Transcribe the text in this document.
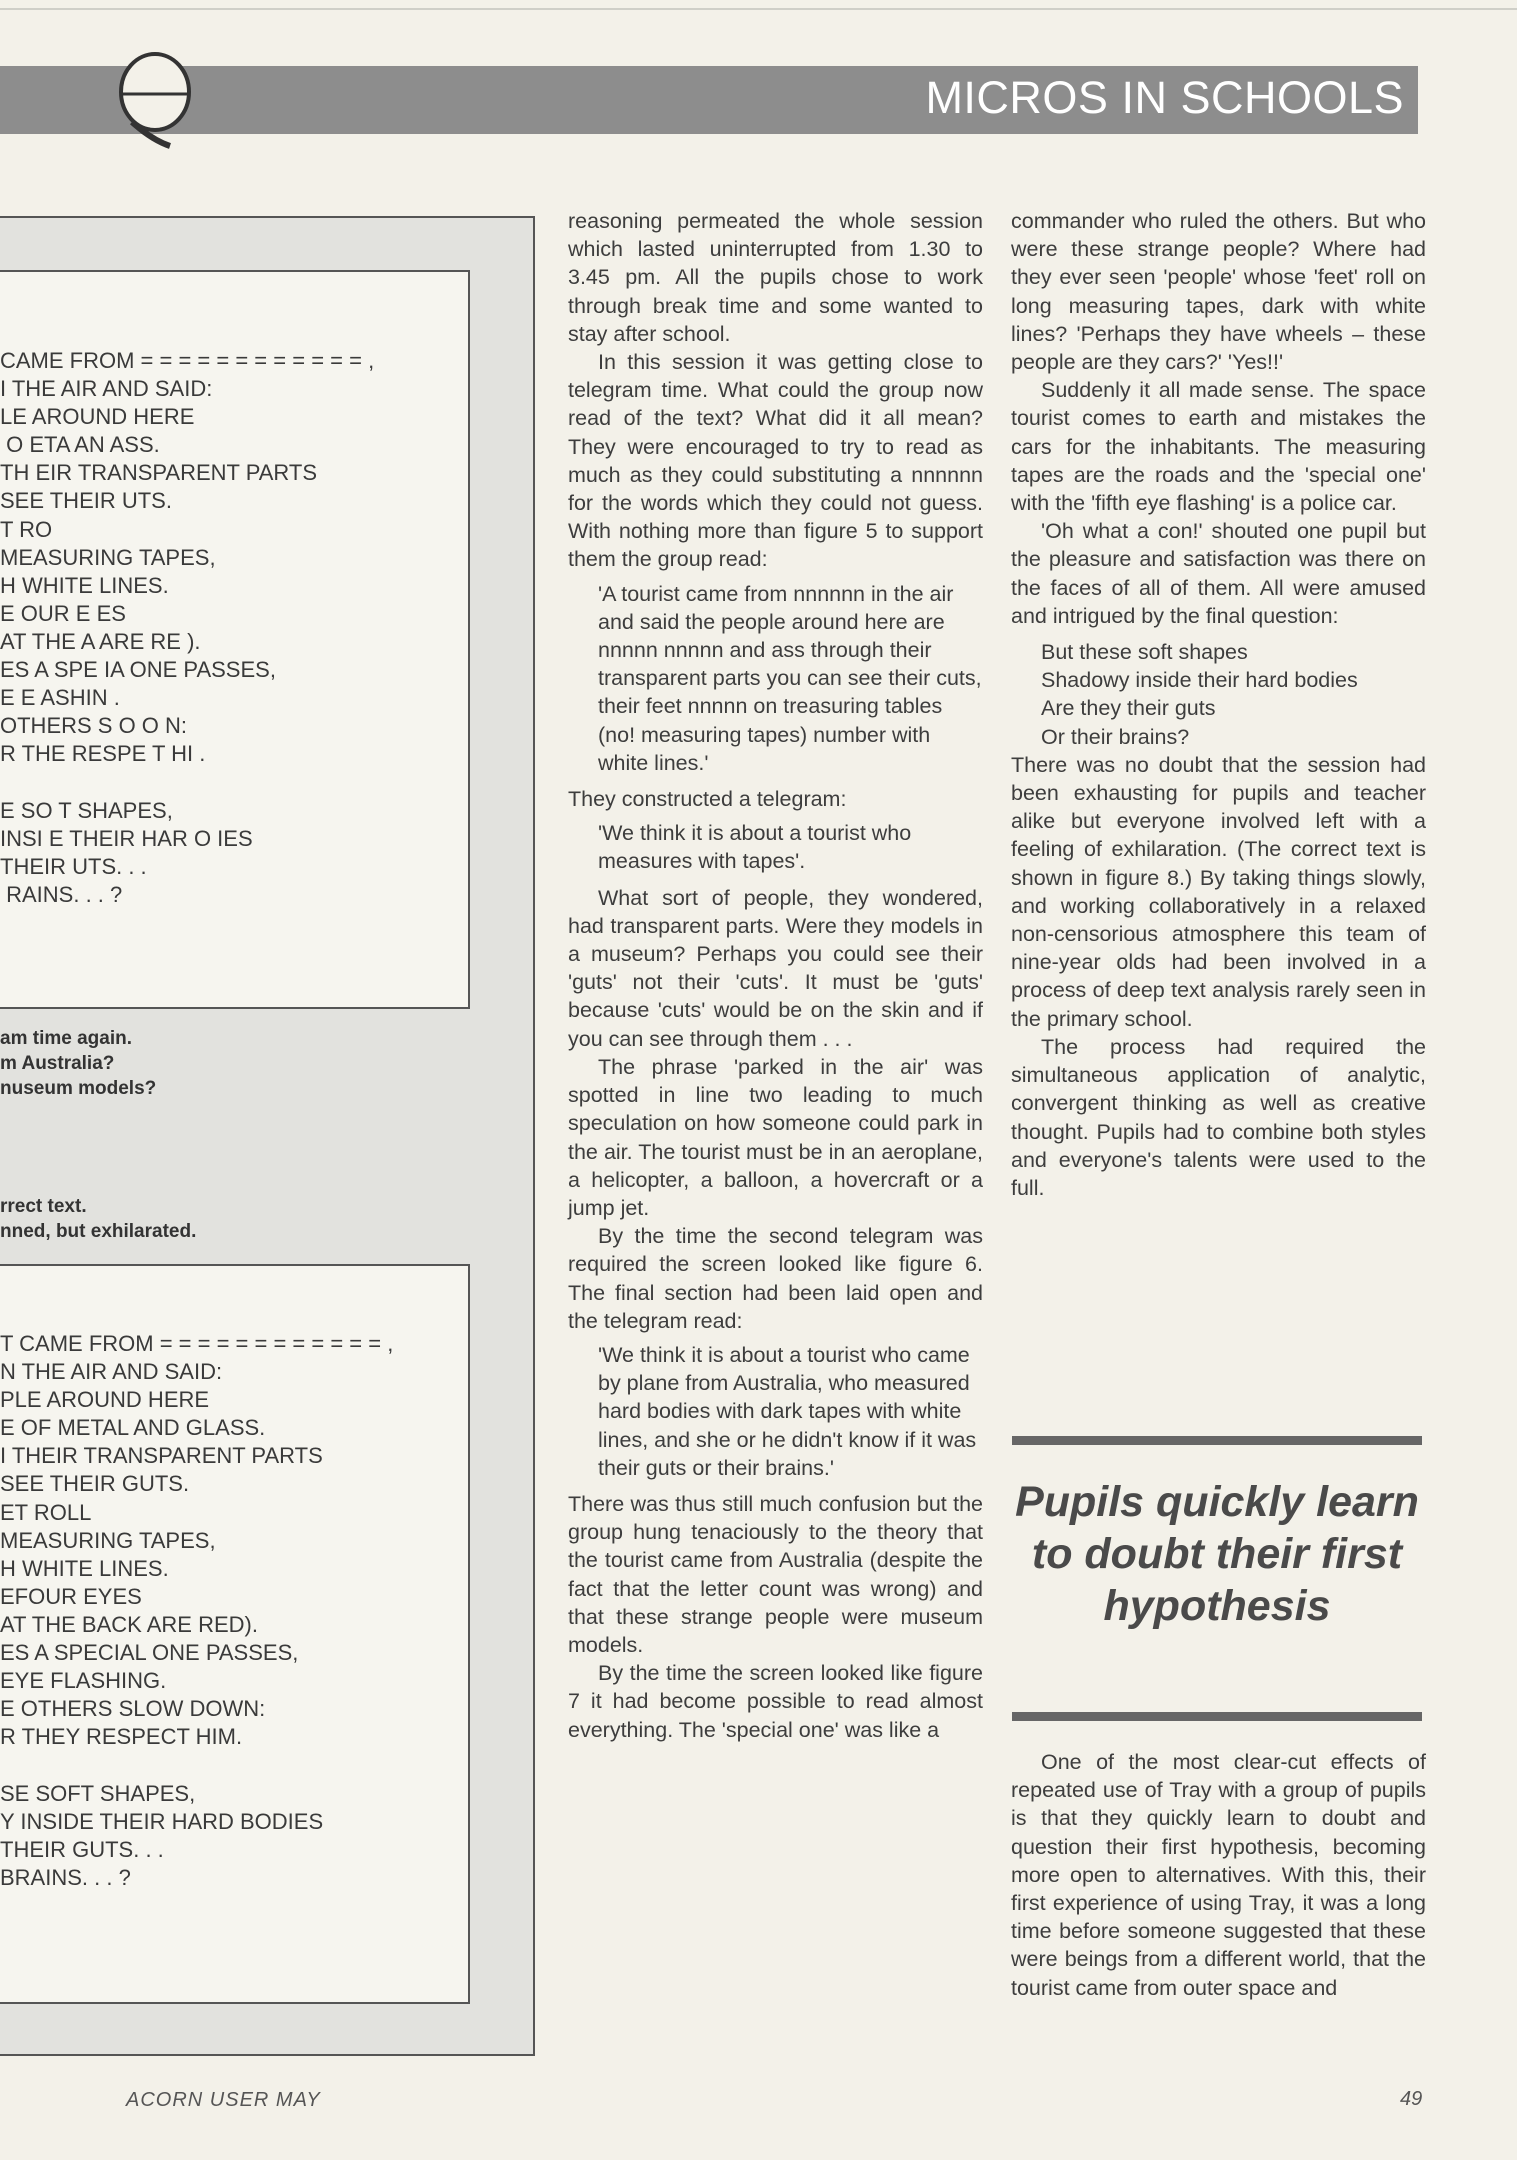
MICROS IN SCHOOLS
CAME FROM = = = = = = = = = = = = ,
I THE AIR AND SAID:
LE AROUND HERE
O ETA AN ASS.
TH EIR TRANSPARENT PARTS
SEE THEIR UTS.
T RO
MEASURING TAPES,
H WHITE LINES.
E OUR E ES
AT THE A ARE RE ).
ES A SPE IA ONE PASSES,
E E ASHIN .
OTHERS S O O N:
R THE RESPE T HI .
E SO T SHAPES,
INSI E THEIR HAR O IES
THEIR UTS. . .
RAINS. . . ?
am time again.
m Australia?
nuseum models?
rrect text.
nned, but exhilarated.
T CAME FROM = = = = = = = = = = = = ,
N THE AIR AND SAID:
PLE AROUND HERE
E OF METAL AND GLASS.
I THEIR TRANSPARENT PARTS
SEE THEIR GUTS.
ET ROLL
MEASURING TAPES,
H WHITE LINES.
EFOUR EYES
AT THE BACK ARE RED).
ES A SPECIAL ONE PASSES,
EYE FLASHING.
E OTHERS SLOW DOWN:
R THEY RESPECT HIM.
SE SOFT SHAPES,
Y INSIDE THEIR HARD BODIES
THEIR GUTS. . .
BRAINS. . . ?

reasoning permeated the whole session which lasted uninterrupted from 1.30 to 3.45 pm. All the pupils chose to work through break time and some wanted to stay after school.

In this session it was getting close to telegram time. What could the group now read of the text? What did it all mean? They were encouraged to try to read as much as they could substituting a nnnnnn for the words which they could not guess. With nothing more than figure 5 to support them the group read:

'A tourist came from nnnnnn in the air and said the people around here are nnnnn nnnnn and ass through their transparent parts you can see their cuts, their feet nnnnn on treasuring tables (no! measuring tapes) number with white lines.'

They constructed a telegram:

'We think it is about a tourist who measures with tapes'.

What sort of people, they wondered, had transparent parts. Were they models in a museum? Perhaps you could see their 'guts' not their 'cuts'. It must be 'guts' because 'cuts' would be on the skin and if you can see through them . . .

The phrase 'parked in the air' was spotted in line two leading to much speculation on how someone could park in the air. The tourist must be in an aeroplane, a helicopter, a balloon, a hovercraft or a jump jet.

By the time the second telegram was required the screen looked like figure 6. The final section had been laid open and the telegram read:

'We think it is about a tourist who came by plane from Australia, who measured hard bodies with dark tapes with white lines, and she or he didn't know if it was their guts or their brains.'

There was thus still much confusion but the group hung tenaciously to the theory that the tourist came from Australia (despite the fact that the letter count was wrong) and that these strange people were museum models.

By the time the screen looked like figure 7 it had become possible to read almost everything. The 'special one' was like a

commander who ruled the others. But who were these strange people? Where had they ever seen 'people' whose 'feet' roll on long measuring tapes, dark with white lines? 'Perhaps they have wheels – these people are they cars?' 'Yes!!'

Suddenly it all made sense. The space tourist comes to earth and mistakes the cars for the inhabitants. The measuring tapes are the roads and the 'special one' with the 'fifth eye flashing' is a police car.

'Oh what a con!' shouted one pupil but the pleasure and satisfaction was there on the faces of all of them. All were amused and intrigued by the final question:

But these soft shapes
Shadowy inside their hard bodies
Are they their guts
Or their brains?

There was no doubt that the session had been exhausting for pupils and teacher alike but everyone involved left with a feeling of exhilaration. (The correct text is shown in figure 8.) By taking things slowly, and working collaboratively in a relaxed non-censorious atmosphere this team of nine-year olds had been involved in a process of deep text analysis rarely seen in the primary school.

The process had required the simultaneous application of analytic, convergent thinking as well as creative thought. Pupils had to combine both styles and everyone's talents were used to the full.

Pupils quickly learn to doubt their first hypothesis

One of the most clear-cut effects of repeated use of Tray with a group of pupils is that they quickly learn to doubt and question their first hypothesis, becoming more open to alternatives. With this, their first experience of using Tray, it was a long time before someone suggested that these were beings from a different world, that the tourist came from outer space and

ACORN USER MAY	49
